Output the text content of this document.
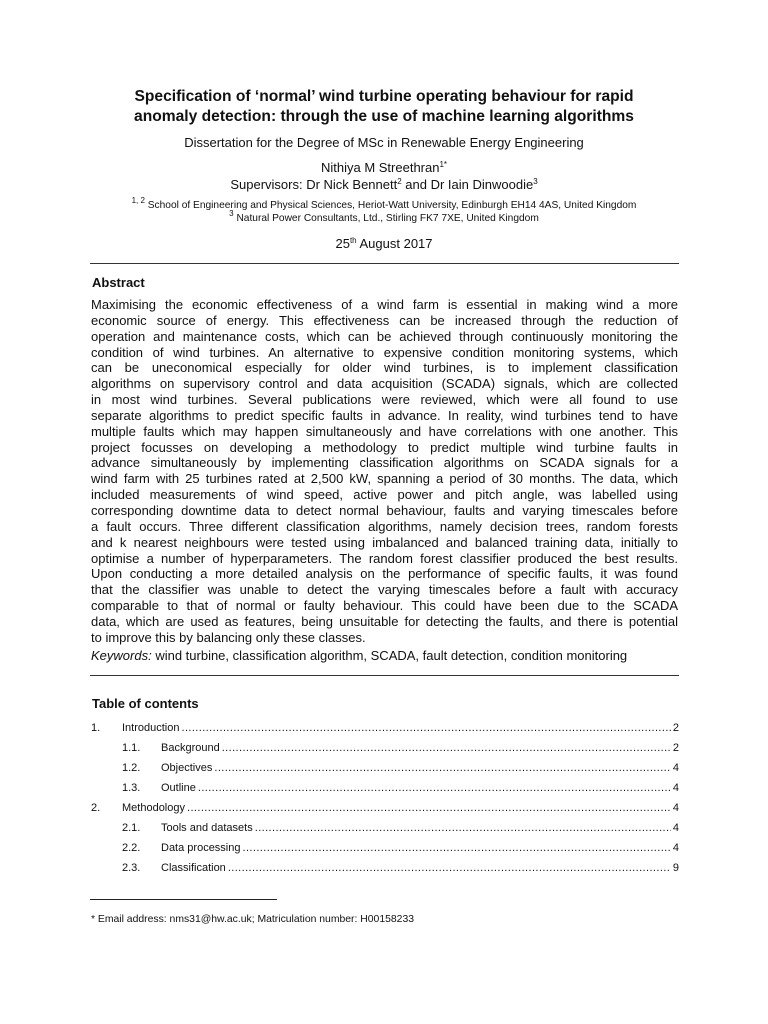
Specification of ‘normal’ wind turbine operating behaviour for rapid
anomaly detection: through the use of machine learning algorithms
Dissertation for the Degree of MSc in Renewable Energy Engineering
Nithiya M Streethran$^{1*}$
Supervisors: Dr Nick Bennett$^2$ and Dr Iain Dinwoodie$^3$
$^{1, 2}$ School of Engineering and Physical Sciences, Heriot-Watt University, Edinburgh EH14 4AS, United Kingdom
$^3$ Natural Power Consultants, Ltd., Stirling FK7 7XE, United Kingdom
25th August 2017
Abstract
Maximising the economic effectiveness of a wind farm is essential in making wind a more
economic source of energy. This effectiveness can be increased through the reduction of
operation and maintenance costs, which can be achieved through continuously monitoring the
condition of wind turbines. An alternative to expensive condition monitoring systems, which
can be uneconomical especially for older wind turbines, is to implement classification
algorithms on supervisory control and data acquisition (SCADA) signals, which are collected
in most wind turbines. Several publications were reviewed, which were all found to use
separate algorithms to predict specific faults in advance. In reality, wind turbines tend to have
multiple faults which may happen simultaneously and have correlations with one another. This
project focusses on developing a methodology to predict multiple wind turbine faults in
advance simultaneously by implementing classification algorithms on SCADA signals for a
wind farm with 25 turbines rated at 2,500 kW, spanning a period of 30 months. The data, which
included measurements of wind speed, active power and pitch angle, was labelled using
corresponding downtime data to detect normal behaviour, faults and varying timescales before
a fault occurs. Three different classification algorithms, namely decision trees, random forests
and k nearest neighbours were tested using imbalanced and balanced training data, initially to
optimise a number of hyperparameters. The random forest classifier produced the best results.
Upon conducting a more detailed analysis on the performance of specific faults, it was found
that the classifier was unable to detect the varying timescales before a fault with accuracy
comparable to that of normal or faulty behaviour. This could have been due to the SCADA
data, which are used as features, being unsuitable for detecting the faults, and there is potential
to improve this by balancing only these classes.
Keywords: wind turbine, classification algorithm, SCADA, fault detection, condition monitoring
Table of contents
1. Introduction .....	2
1.1. Background .....	2
1.2. Objectives .....	4
1.3. Outline .....	4
2. Methodology .....	4
2.1. Tools and datasets .....	4
2.2. Data processing .....	4
2.3. Classification .....	9
* Email address: nms31@hw.ac.uk; Matriculation number: H00158233
